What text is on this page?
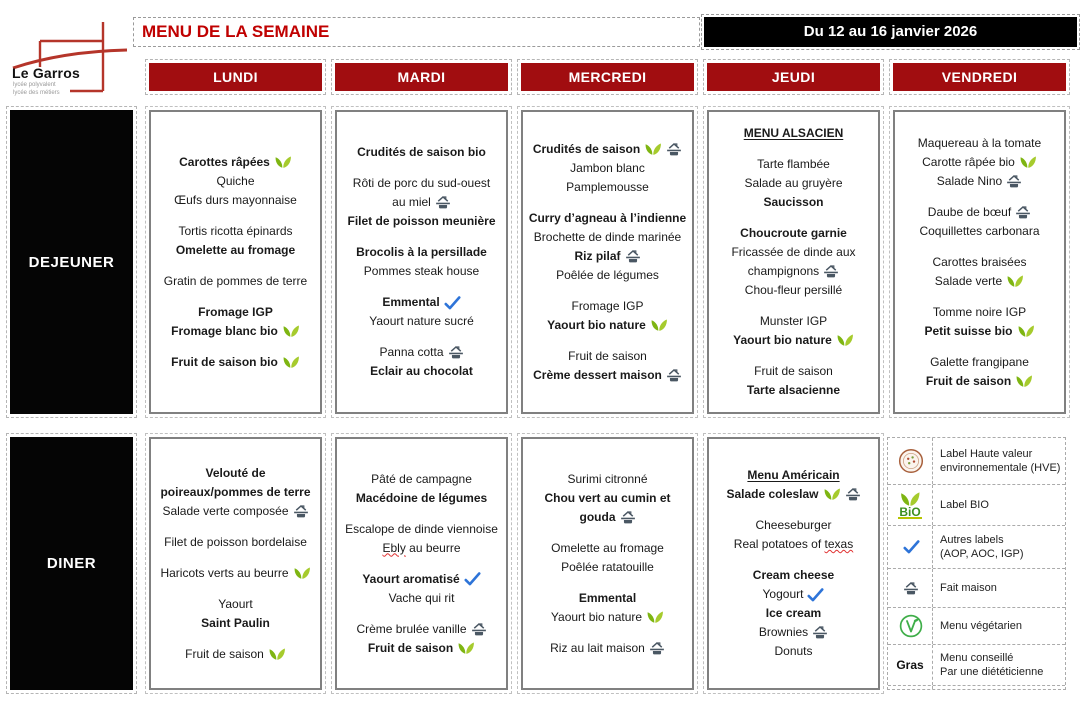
Le Garros
lycée polyvalent
lycée des métiers
MENU DE LA SEMAINE	Du 12 au 16 janvier 2026
LUNDI	MARDI	MERCREDI	JEUDI	VENDREDI
DEJEUNER
DINER
Carottes râpées
Quiche
Œufs durs mayonnaise
Tortis ricotta épinards
Omelette au fromage
Gratin de pommes de terre
Fromage IGP
Fromage blanc bio
Fruit de saison bio
Crudités de saison bio
Rôti de porc du sud-ouest
au miel
Filet de poisson meunière
Brocolis à la persillade
Pommes steak house
Emmental
Yaourt nature sucré
Panna cotta
Eclair au chocolat
Crudités de saison
Jambon blanc
Pamplemousse
Curry d’agneau à l’indienne
Brochette de dinde marinée
Riz pilaf
Poêlée de légumes
Fromage IGP
Yaourt bio nature
Fruit de saison
Crème dessert maison
MENU ALSACIEN
Tarte flambée
Salade au gruyère
Saucisson
Choucroute garnie
Fricassée de dinde aux
champignons
Chou-fleur persillé
Munster IGP
Yaourt bio nature
Fruit de saison
Tarte alsacienne
Maquereau à la tomate
Carotte râpée bio
Salade Nino
Daube de bœuf
Coquillettes carbonara
Carottes braisées
Salade verte
Tomme noire IGP
Petit suisse bio
Galette frangipane
Fruit de saison
Velouté de
poireaux/pommes de terre
Salade verte composée
Filet de poisson bordelaise
Haricots verts au beurre
Yaourt
Saint Paulin
Fruit de saison
Pâté de campagne
Macédoine de légumes
Escalope de dinde viennoise
Ebly au beurre
Yaourt aromatisé
Vache qui rit
Crème brulée vanille
Fruit de saison
Surimi citronné
Chou vert au cumin et
gouda
Omelette au fromage
Poêlée ratatouille
Emmental
Yaourt bio nature
Riz au lait maison
Menu Américain
Salade coleslaw
Cheeseburger
Real potatoes of texas
Cream cheese
Yogourt
Ice cream
Brownies
Donuts
Label Haute valeur
environnementale (HVE)
BiO Label BIO
Autres labels
(AOP, AOC, IGP)
Fait maison
Menu végétarien
Gras Menu conseillé
Par une diététicienne
